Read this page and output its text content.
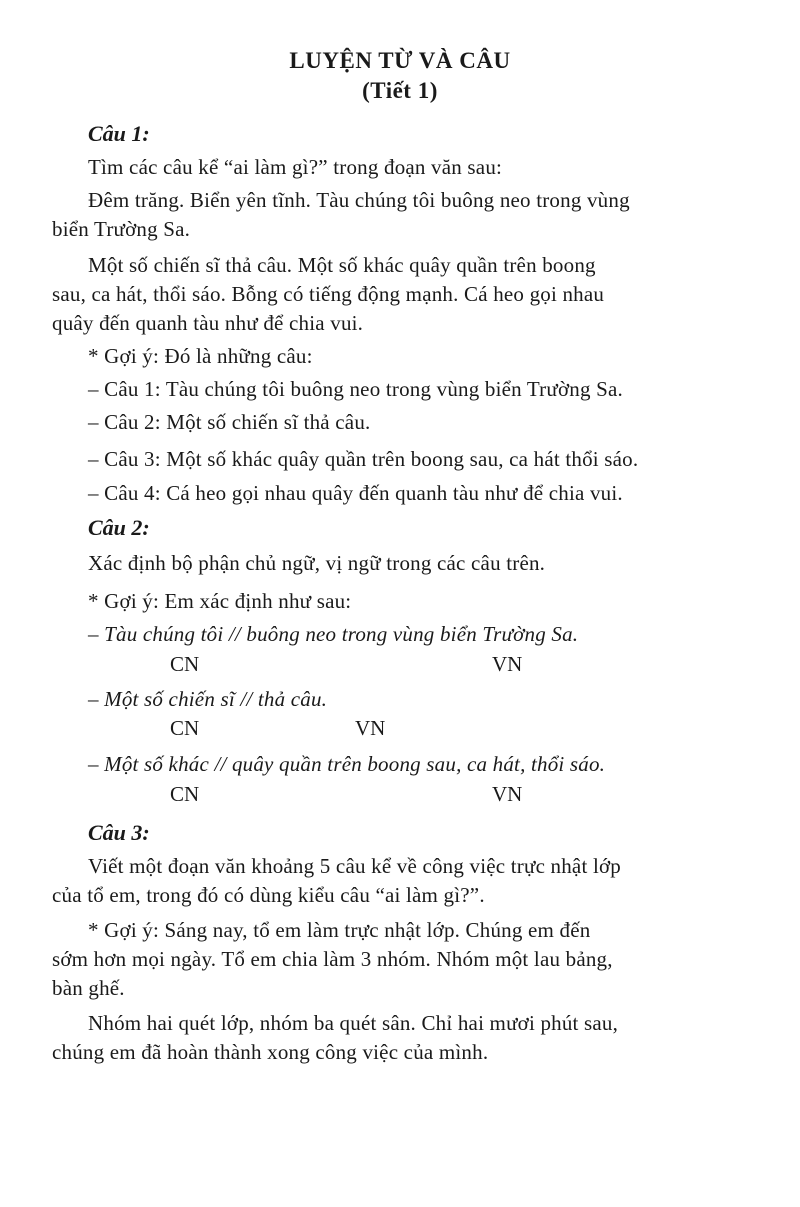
LUYỆN TỪ VÀ CÂU
(Tiết 1)
Câu 1:
Tìm các câu kể “ai làm gì?” trong đoạn văn sau:
Đêm trăng. Biển yên tĩnh. Tàu chúng tôi buông neo trong vùng
biển Trường Sa.
Một số chiến sĩ thả câu. Một số khác quây quần trên boong
sau, ca hát, thổi sáo. Bỗng có tiếng động mạnh. Cá heo gọi nhau
quây đến quanh tàu như để chia vui.
* Gợi ý: Đó là những câu:
– Câu 1: Tàu chúng tôi buông neo trong vùng biển Trường Sa.
– Câu 2: Một số chiến sĩ thả câu.
– Câu 3: Một số khác quây quần trên boong sau, ca hát thổi sáo.
– Câu 4: Cá heo gọi nhau quây đến quanh tàu như để chia vui.
Câu 2:
Xác định bộ phận chủ ngữ, vị ngữ trong các câu trên.
* Gợi ý: Em xác định như sau:
– Tàu chúng tôi // buông neo trong vùng biển Trường Sa.
CN	VN
– Một số chiến sĩ // thả câu.
CN	VN
– Một số khác // quây quần trên boong sau, ca hát, thổi sáo.
CN	VN
Câu 3:
Viết một đoạn văn khoảng 5 câu kể về công việc trực nhật lớp
của tổ em, trong đó có dùng kiểu câu “ai làm gì?”.
* Gợi ý: Sáng nay, tổ em làm trực nhật lớp. Chúng em đến
sớm hơn mọi ngày. Tổ em chia làm 3 nhóm. Nhóm một lau bảng,
bàn ghế.
Nhóm hai quét lớp, nhóm ba quét sân. Chỉ hai mươi phút sau,
chúng em đã hoàn thành xong công việc của mình.
